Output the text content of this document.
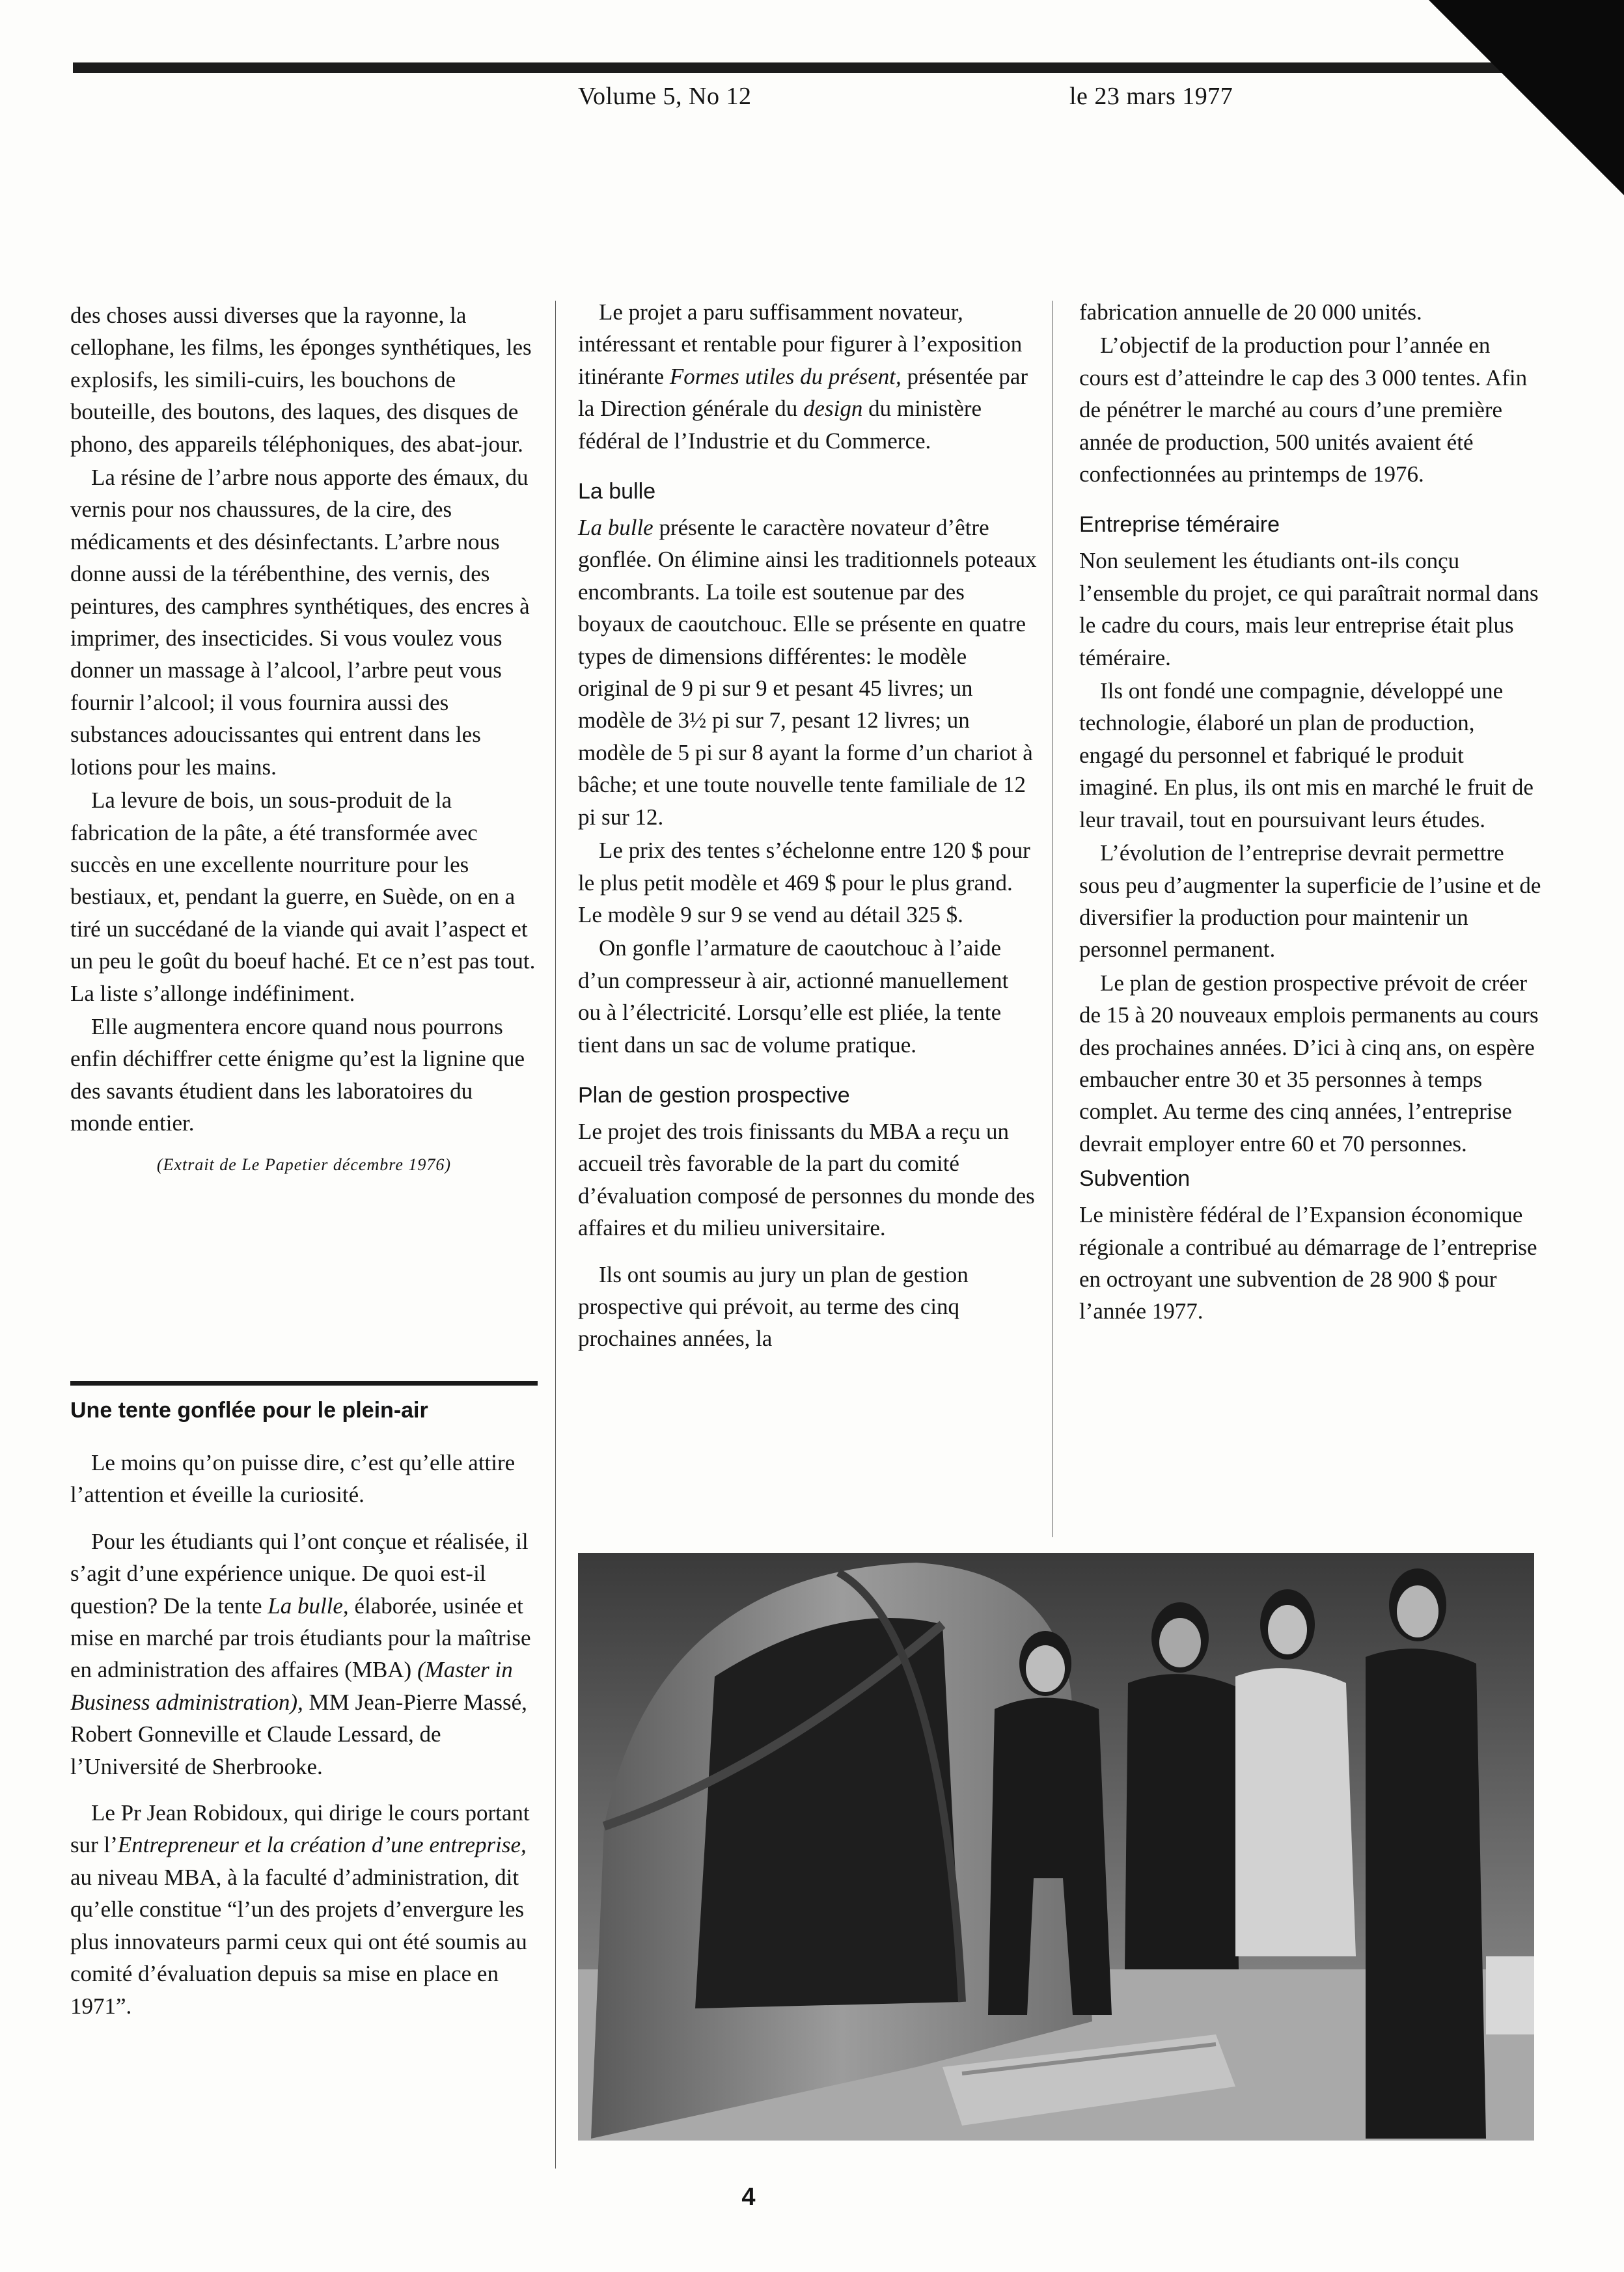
Volume 5, No 12	le 23 mars 1977

des choses aussi diverses que la rayonne, la cellophane, les films, les éponges synthétiques, les explosifs, les simili-cuirs, les bouchons de bouteille, des boutons, des laques, des disques de phono, des appareils téléphoniques, des abat-jour.

La résine de l’arbre nous apporte des émaux, du vernis pour nos chaussures, de la cire, des médicaments et des désinfectants. L’arbre nous donne aussi de la térébenthine, des vernis, des peintures, des camphres synthétiques, des encres à imprimer, des insecticides. Si vous voulez vous donner un massage à l’alcool, l’arbre peut vous fournir l’alcool; il vous fournira aussi des substances adoucissantes qui entrent dans les lotions pour les mains.

La levure de bois, un sous-produit de la fabrication de la pâte, a été transformée avec succès en une excellente nourriture pour les bestiaux, et, pendant la guerre, en Suède, on en a tiré un succédané de la viande qui avait l’aspect et un peu le goût du boeuf haché. Et ce n’est pas tout. La liste s’allonge indéfiniment.

Elle augmentera encore quand nous pourrons enfin déchiffrer cette énigme qu’est la lignine que des savants étudient dans les laboratoires du monde entier.

(Extrait de Le Papetier décembre 1976)
Une tente gonflée pour le plein-air

Le moins qu’on puisse dire, c’est qu’elle attire l’attention et éveille la curiosité.

Pour les étudiants qui l’ont conçue et réalisée, il s’agit d’une expérience unique. De quoi est-il question? De la tente La bulle, élaborée, usinée et mise en marché par trois étudiants pour la maîtrise en administration des affaires (MBA) (Master in Business administration), MM Jean-Pierre Massé, Robert Gonneville et Claude Lessard, de l’Université de Sherbrooke.

Le Pr Jean Robidoux, qui dirige le cours portant sur l’Entrepreneur et la création d’une entreprise, au niveau MBA, à la faculté d’administration, dit qu’elle constitue “l’un des projets d’envergure les plus innovateurs parmi ceux qui ont été soumis au comité d’évaluation depuis sa mise en place en 1971”.

Le projet a paru suffisamment novateur, intéressant et rentable pour figurer à l’exposition itinérante Formes utiles du présent, présentée par la Direction générale du design du ministère fédéral de l’Industrie et du Commerce.

La bulle

La bulle présente le caractère novateur d’être gonflée. On élimine ainsi les traditionnels poteaux encombrants. La toile est soutenue par des boyaux de caoutchouc. Elle se présente en quatre types de dimensions différentes: le modèle original de 9 pi sur 9 et pesant 45 livres; un modèle de 3½ pi sur 7, pesant 12 livres; un modèle de 5 pi sur 8 ayant la forme d’un chariot à bâche; et une toute nouvelle tente familiale de 12 pi sur 12.

Le prix des tentes s’échelonne entre 120 $ pour le plus petit modèle et 469 $ pour le plus grand. Le modèle 9 sur 9 se vend au détail 325 $.

On gonfle l’armature de caoutchouc à l’aide d’un compresseur à air, actionné manuellement ou à l’électricité. Lorsqu’elle est pliée, la tente tient dans un sac de volume pratique.

Plan de gestion prospective

Le projet des trois finissants du MBA a reçu un accueil très favorable de la part du comité d’évaluation composé de personnes du monde des affaires et du milieu universitaire.

Ils ont soumis au jury un plan de gestion prospective qui prévoit, au terme des cinq prochaines années, la

fabrication annuelle de 20 000 unités.

L’objectif de la production pour l’année en cours est d’atteindre le cap des 3 000 tentes. Afin de pénétrer le marché au cours d’une première année de production, 500 unités avaient été confectionnées au printemps de 1976.

Entreprise téméraire

Non seulement les étudiants ont-ils conçu l’ensemble du projet, ce qui paraîtrait normal dans le cadre du cours, mais leur entreprise était plus téméraire.

Ils ont fondé une compagnie, développé une technologie, élaboré un plan de production, engagé du personnel et fabriqué le produit imaginé. En plus, ils ont mis en marché le fruit de leur travail, tout en poursuivant leurs études.

L’évolution de l’entreprise devrait permettre sous peu d’augmenter la superficie de l’usine et de diversifier la production pour maintenir un personnel permanent.

Le plan de gestion prospective prévoit de créer de 15 à 20 nouveaux emplois permanents au cours des prochaines années. D’ici à cinq ans, on espère embaucher entre 30 et 35 personnes à temps complet. Au terme des cinq années, l’entreprise devrait employer entre 60 et 70 personnes.

Subvention

Le ministère fédéral de l’Expansion économique régionale a contribué au démarrage de l’entreprise en octroyant une subvention de 28 900 $ pour l’année 1977.

4
